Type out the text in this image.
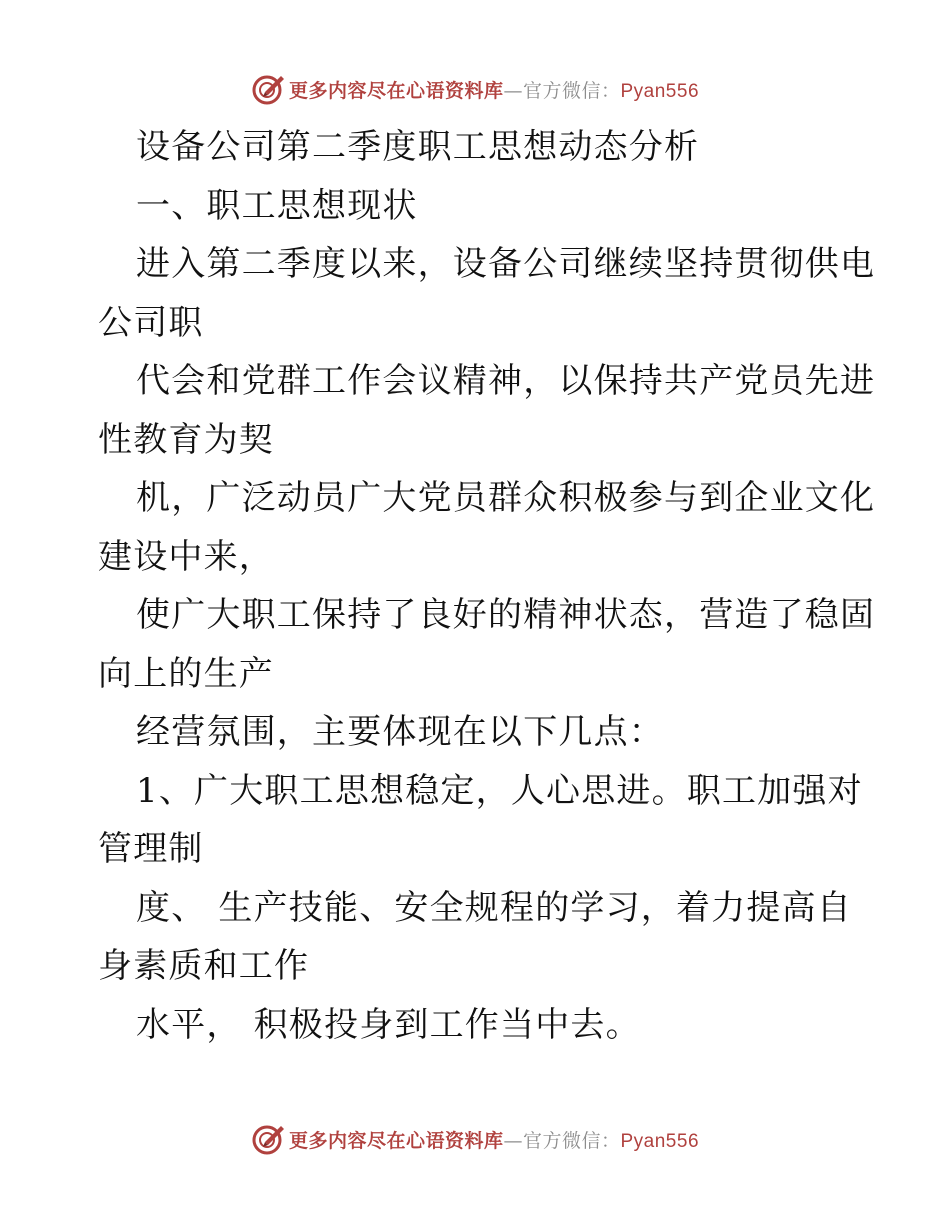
更多内容尽在心语资料库—官方微信：Pyan556
设备公司第二季度职工思想动态分析
一、职工思想现状
进入第二季度以来，设备公司继续坚持贯彻供电
公司职
代会和党群工作会议精神，以保持共产党员先进
性教育为契
机，广泛动员广大党员群众积极参与到企业文化
建设中来，
使广大职工保持了良好的精神状态，营造了稳固
向上的生产
经营氛围，主要体现在以下几点：
1、广大职工思想稳定，人心思进。职工加强对
管理制
度、 生产技能、安全规程的学习，着力提高自
身素质和工作
水平， 积极投身到工作当中去。
更多内容尽在心语资料库—官方微信：Pyan556
